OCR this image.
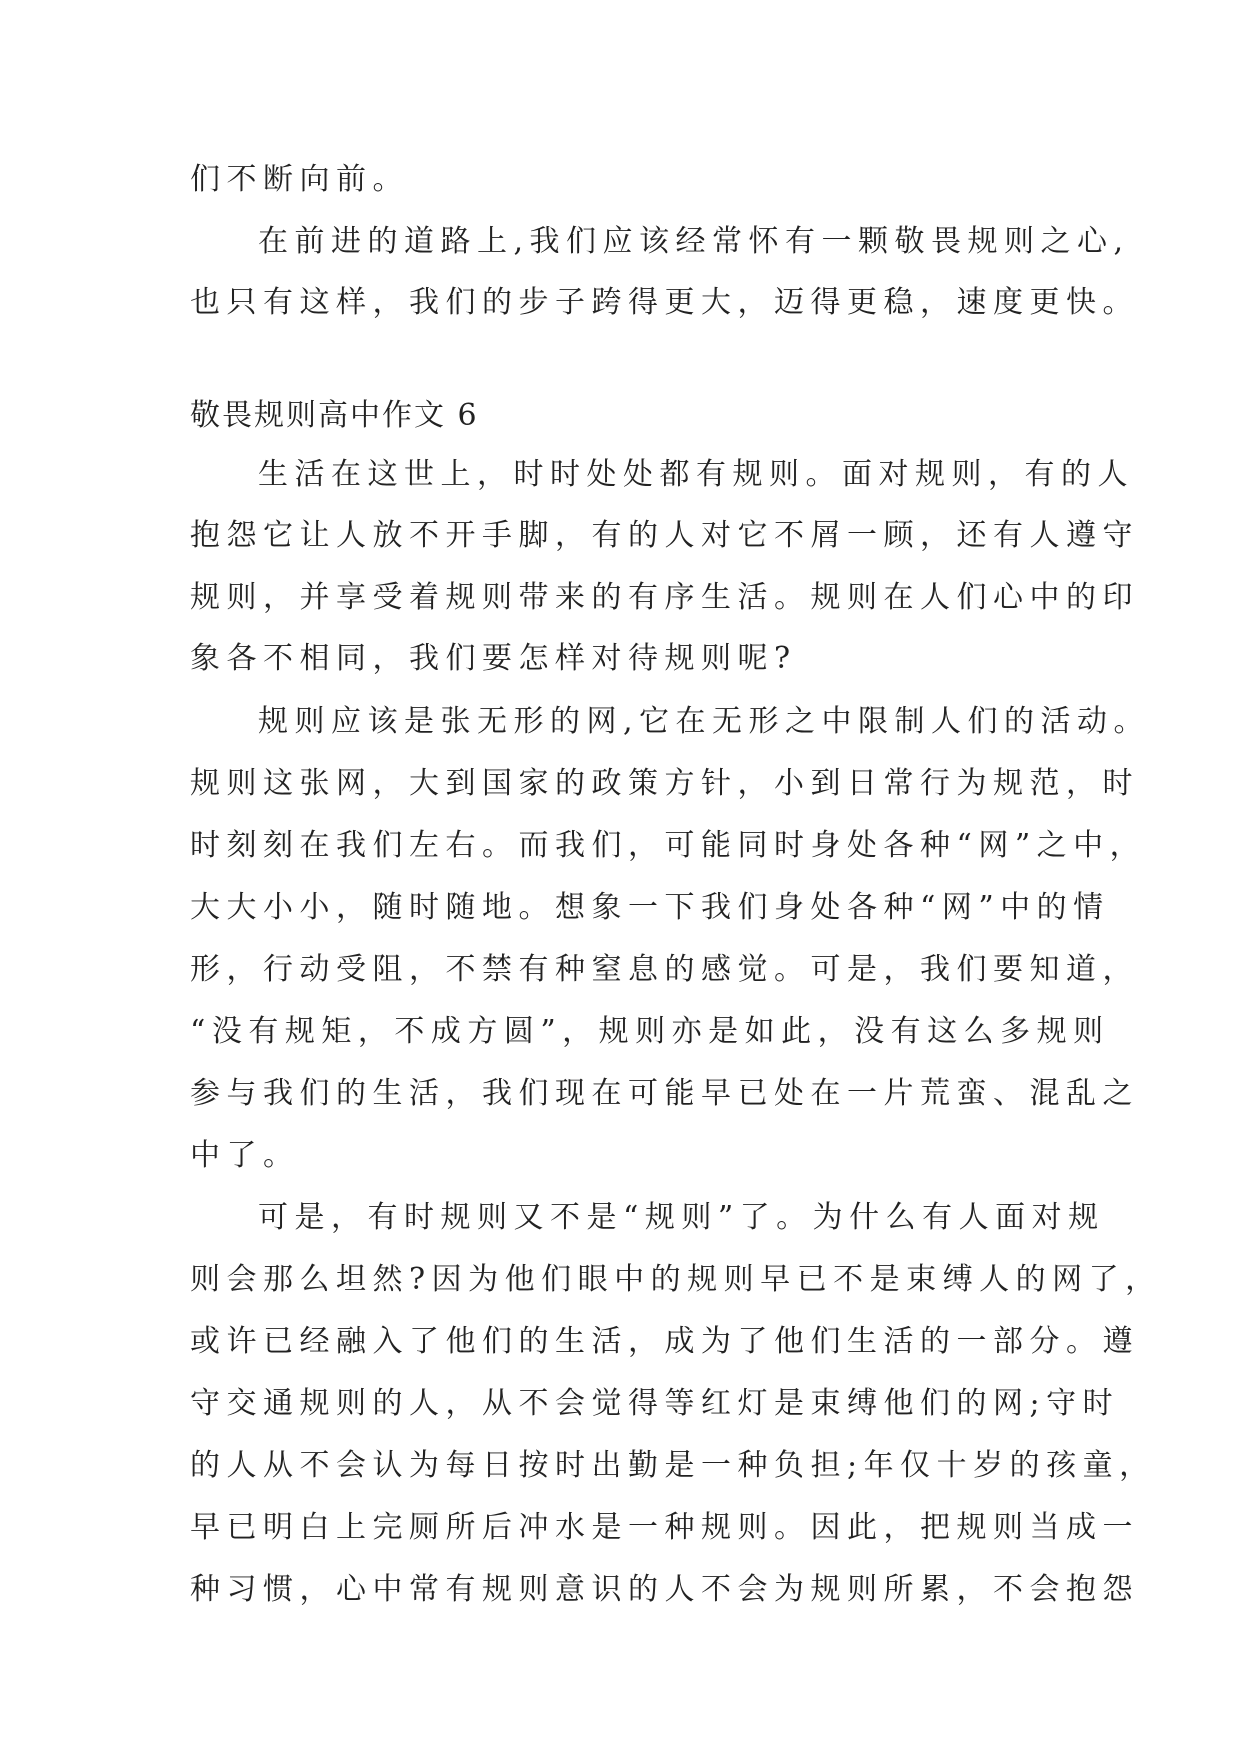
们不断向前。
在前进的道路上,我们应该经常怀有一颗敬畏规则之心,
也只有这样，我们的步子跨得更大，迈得更稳，速度更快。
敬畏规则高中作文 6
生活在这世上，时时处处都有规则。面对规则，有的人
抱怨它让人放不开手脚，有的人对它不屑一顾，还有人遵守
规则，并享受着规则带来的有序生活。规则在人们心中的印
象各不相同，我们要怎样对待规则呢?
规则应该是张无形的网,它在无形之中限制人们的活动。
规则这张网，大到国家的政策方针，小到日常行为规范，时
时刻刻在我们左右。而我们，可能同时身处各种“网”之中，
大大小小，随时随地。想象一下我们身处各种“网”中的情
形，行动受阻，不禁有种窒息的感觉。可是，我们要知道，
“没有规矩，不成方圆”，规则亦是如此，没有这么多规则
参与我们的生活，我们现在可能早已处在一片荒蛮、混乱之
中了。
可是，有时规则又不是“规则”了。为什么有人面对规
则会那么坦然?因为他们眼中的规则早已不是束缚人的网了，
或许已经融入了他们的生活，成为了他们生活的一部分。遵
守交通规则的人，从不会觉得等红灯是束缚他们的网;守时
的人从不会认为每日按时出勤是一种负担;年仅十岁的孩童，
早已明白上完厕所后冲水是一种规则。因此，把规则当成一
种习惯，心中常有规则意识的人不会为规则所累，不会抱怨
